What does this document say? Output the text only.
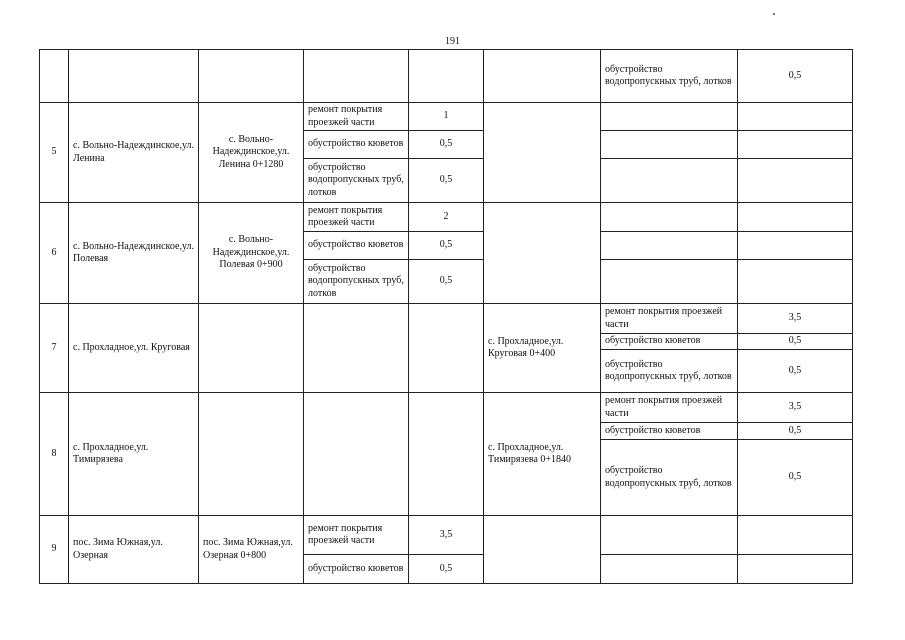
191
						обустройство водопропускных труб, лотков	0,5
5	с. Вольно-Надеждинское,ул. Ленина	с. Вольно-Надеждинское,ул. Ленина 0+1280	ремонт покрытия проезжей части	1			
			обустройство кюветов	0,5			
			обустройство водопропускных труб, лотков	0,5			
6	с. Вольно-Надеждинское,ул. Полевая	с. Вольно-Надеждинское,ул. Полевая 0+900	ремонт покрытия проезжей части	2			
			обустройство кюветов	0,5			
			обустройство водопропускных труб, лотков	0,5			
7	с. Прохладное,ул. Круговая				с. Прохладное,ул. Круговая 0+400	ремонт покрытия проезжей части	3,5
						обустройство кюветов	0,5
						обустройство водопропускных труб, лотков	0,5
8	с. Прохладное,ул. Тимирязева				с. Прохладное,ул. Тимирязева 0+1840	ремонт покрытия проезжей части	3,5
						обустройство кюветов	0,5
						обустройство водопропускных труб, лотков	0,5
9	пос. Зима Южная,ул. Озерная	пос. Зима Южная,ул. Озерная 0+800	ремонт покрытия проезжей части	3,5			
			обустройство кюветов	0,5			
